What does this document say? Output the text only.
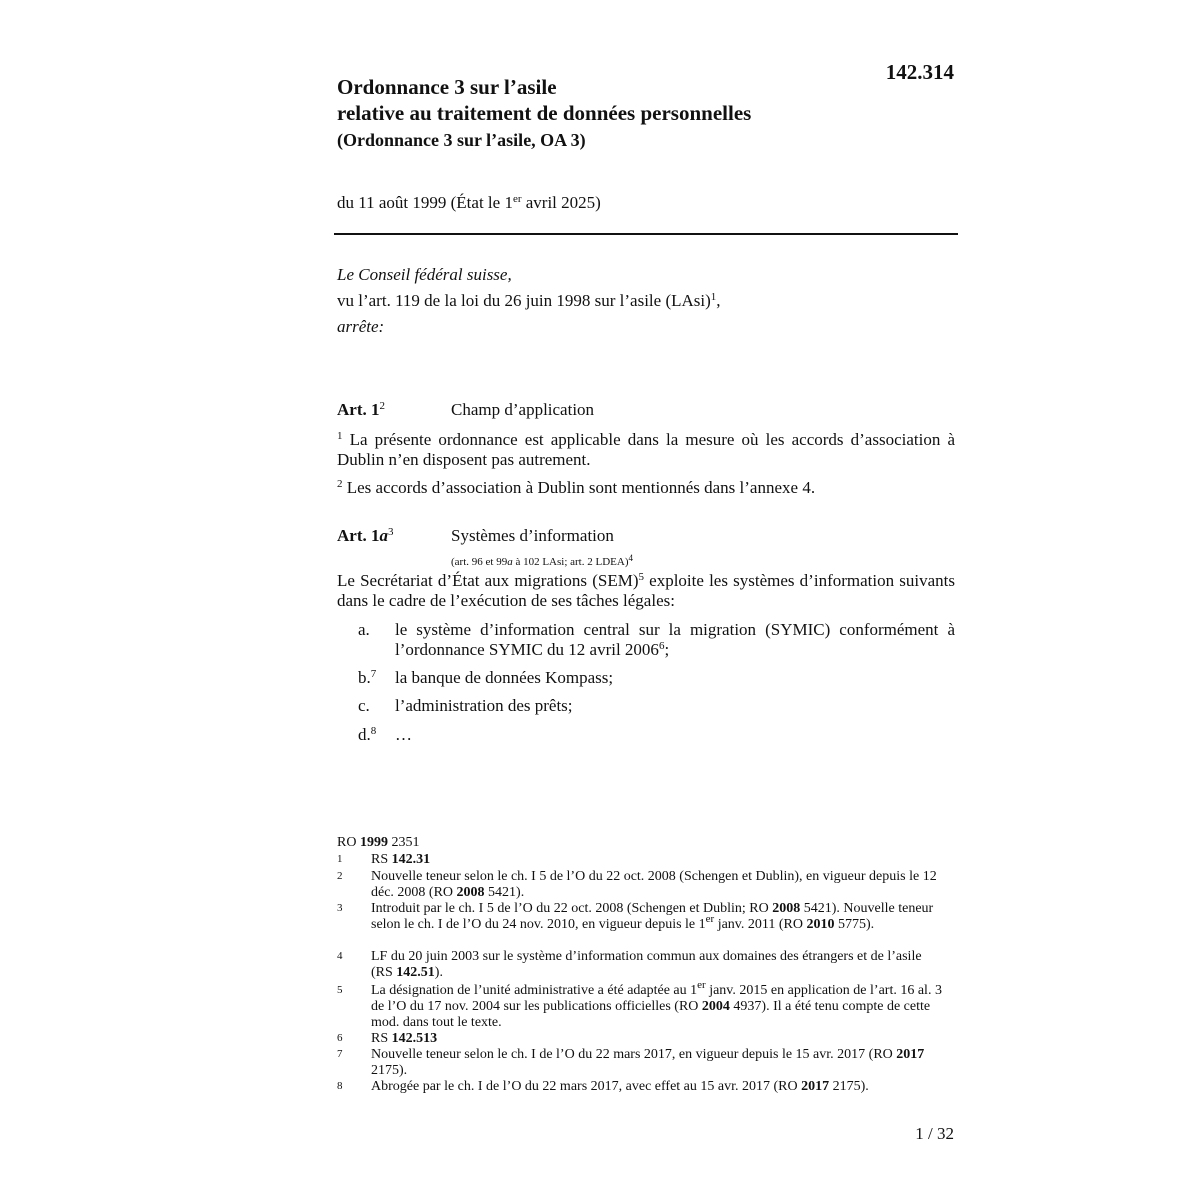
142.314
Ordonnance 3 sur l’asile
relative au traitement de données personnelles
(Ordonnance 3 sur l’asile, OA 3)
du 11 août 1999 (État le 1er avril 2025)
Le Conseil fédéral suisse,
vu l’art. 119 de la loi du 26 juin 1998 sur l’asile (LAsi)$^1$,
arrête:
Art. $1^2$	Champ d’application
$^1$ La présente ordonnance est applicable dans la mesure où les accords d’association à Dublin n’en disposent pas autrement.
$^2$ Les accords d’association à Dublin sont mentionnés dans l’annexe 4.
Art. $1a^3$	Systèmes d’information
(art. 96 et 99a à 102 LAsi; art. 2 LDEA)$^4$
Le Secrétariat d’État aux migrations (SEM)$^5$ exploite les systèmes d’information suivants dans le cadre de l’exécution de ses tâches légales:
a. le système d’information central sur la migration (SYMIC) conformément à l’ordonnance SYMIC du 12 avril 2006$^6$;
b.$^7$ la banque de données Kompass;
c. l’administration des prêts;
d.$^8$ …
RO 1999 2351
1 RS 142.31
2 Nouvelle teneur selon le ch. I 5 de l’O du 22 oct. 2008 (Schengen et Dublin), en vigueur depuis le 12 déc. 2008 (RO 2008 5421).
3 Introduit par le ch. I 5 de l’O du 22 oct. 2008 (Schengen et Dublin; RO 2008 5421). Nouvelle teneur selon le ch. I de l’O du 24 nov. 2010, en vigueur depuis le 1er janv. 2011 (RO 2010 5775).
4 LF du 20 juin 2003 sur le système d’information commun aux domaines des étrangers et de l’asile (RS 142.51).
5 La désignation de l’unité administrative a été adaptée au 1er janv. 2015 en application de l’art. 16 al. 3 de l’O du 17 nov. 2004 sur les publications officielles (RO 2004 4937). Il a été tenu compte de cette mod. dans tout le texte.
6 RS 142.513
7 Nouvelle teneur selon le ch. I de l’O du 22 mars 2017, en vigueur depuis le 15 avr. 2017 (RO 2017 2175).
8 Abrogée par le ch. I de l’O du 22 mars 2017, avec effet au 15 avr. 2017 (RO 2017 2175).
1 / 32
